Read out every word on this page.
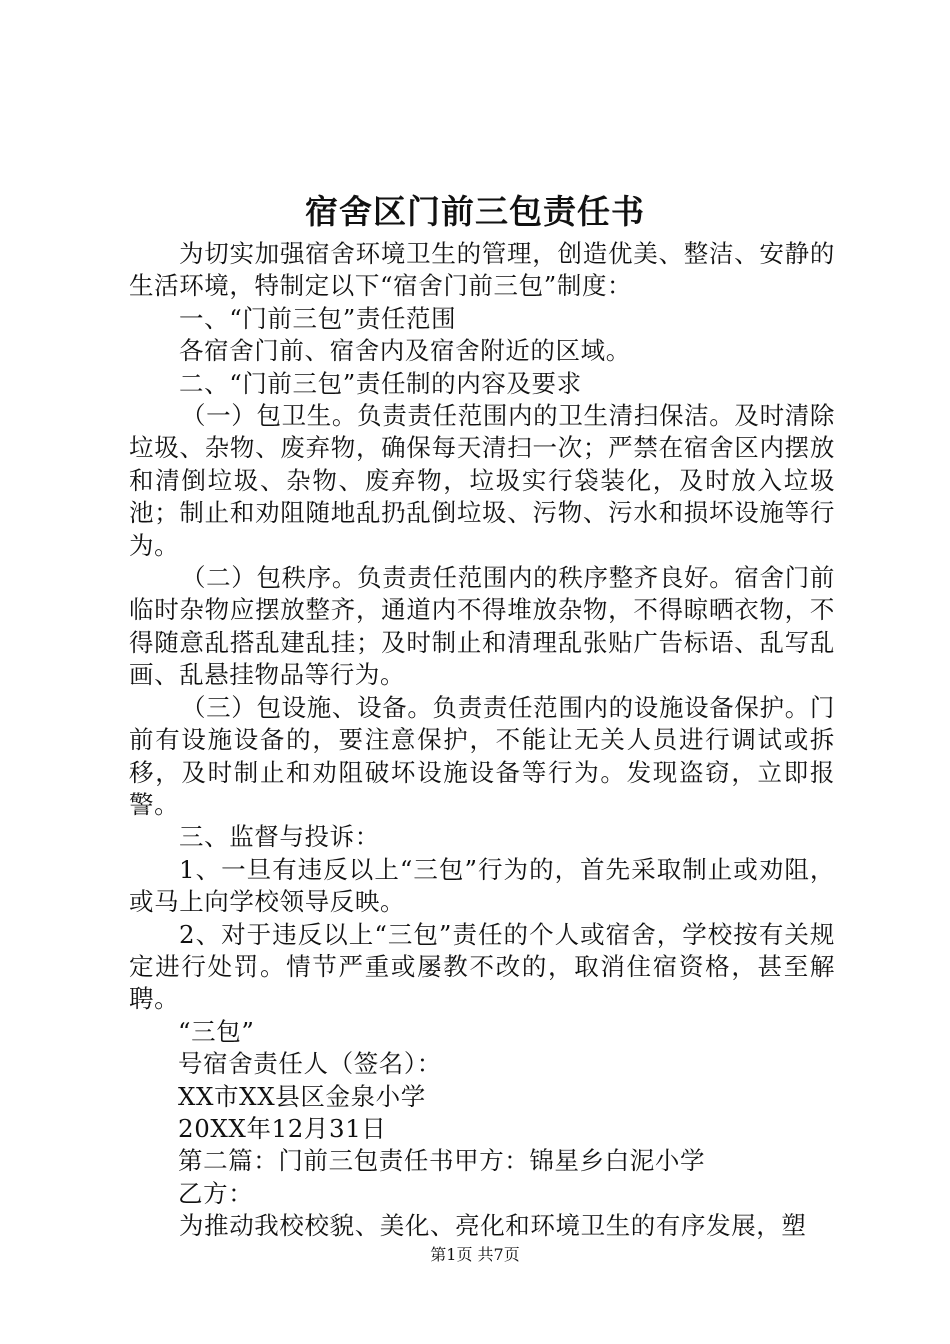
宿舍区门前三包责任书

为切实加强宿舍环境卫生的管理，创造优美、整洁、安静的生活环境，特制定以下“宿舍门前三包”制度：

一、“门前三包”责任范围

各宿舍门前、宿舍内及宿舍附近的区域。

二、“门前三包”责任制的内容及要求

（一）包卫生。负责责任范围内的卫生清扫保洁。及时清除垃圾、杂物、废弃物，确保每天清扫一次；严禁在宿舍区内摆放和清倒垃圾、杂物、废弃物，垃圾实行袋装化，及时放入垃圾池；制止和劝阻随地乱扔乱倒垃圾、污物、污水和损坏设施等行为。

（二）包秩序。负责责任范围内的秩序整齐良好。宿舍门前临时杂物应摆放整齐，通道内不得堆放杂物，不得晾晒衣物，不得随意乱搭乱建乱挂；及时制止和清理乱张贴广告标语、乱写乱画、乱悬挂物品等行为。

（三）包设施、设备。负责责任范围内的设施设备保护。门前有设施设备的，要注意保护，不能让无关人员进行调试或拆移，及时制止和劝阻破坏设施设备等行为。发现盗窃，立即报警。

三、监督与投诉：

1、一旦有违反以上“三包”行为的，首先采取制止或劝阻，或马上向学校领导反映。

2、对于违反以上“三包”责任的个人或宿舍，学校按有关规定进行处罚。情节严重或屡教不改的，取消住宿资格，甚至解聘。

“三包”

号宿舍责任人（签名）：

XX市XX县区金泉小学

20XX年12月31日

第二篇：门前三包责任书甲方：锦星乡白泥小学

乙方：

为推动我校校貌、美化、亮化和环境卫生的有序发展，塑

第1页 共7页
